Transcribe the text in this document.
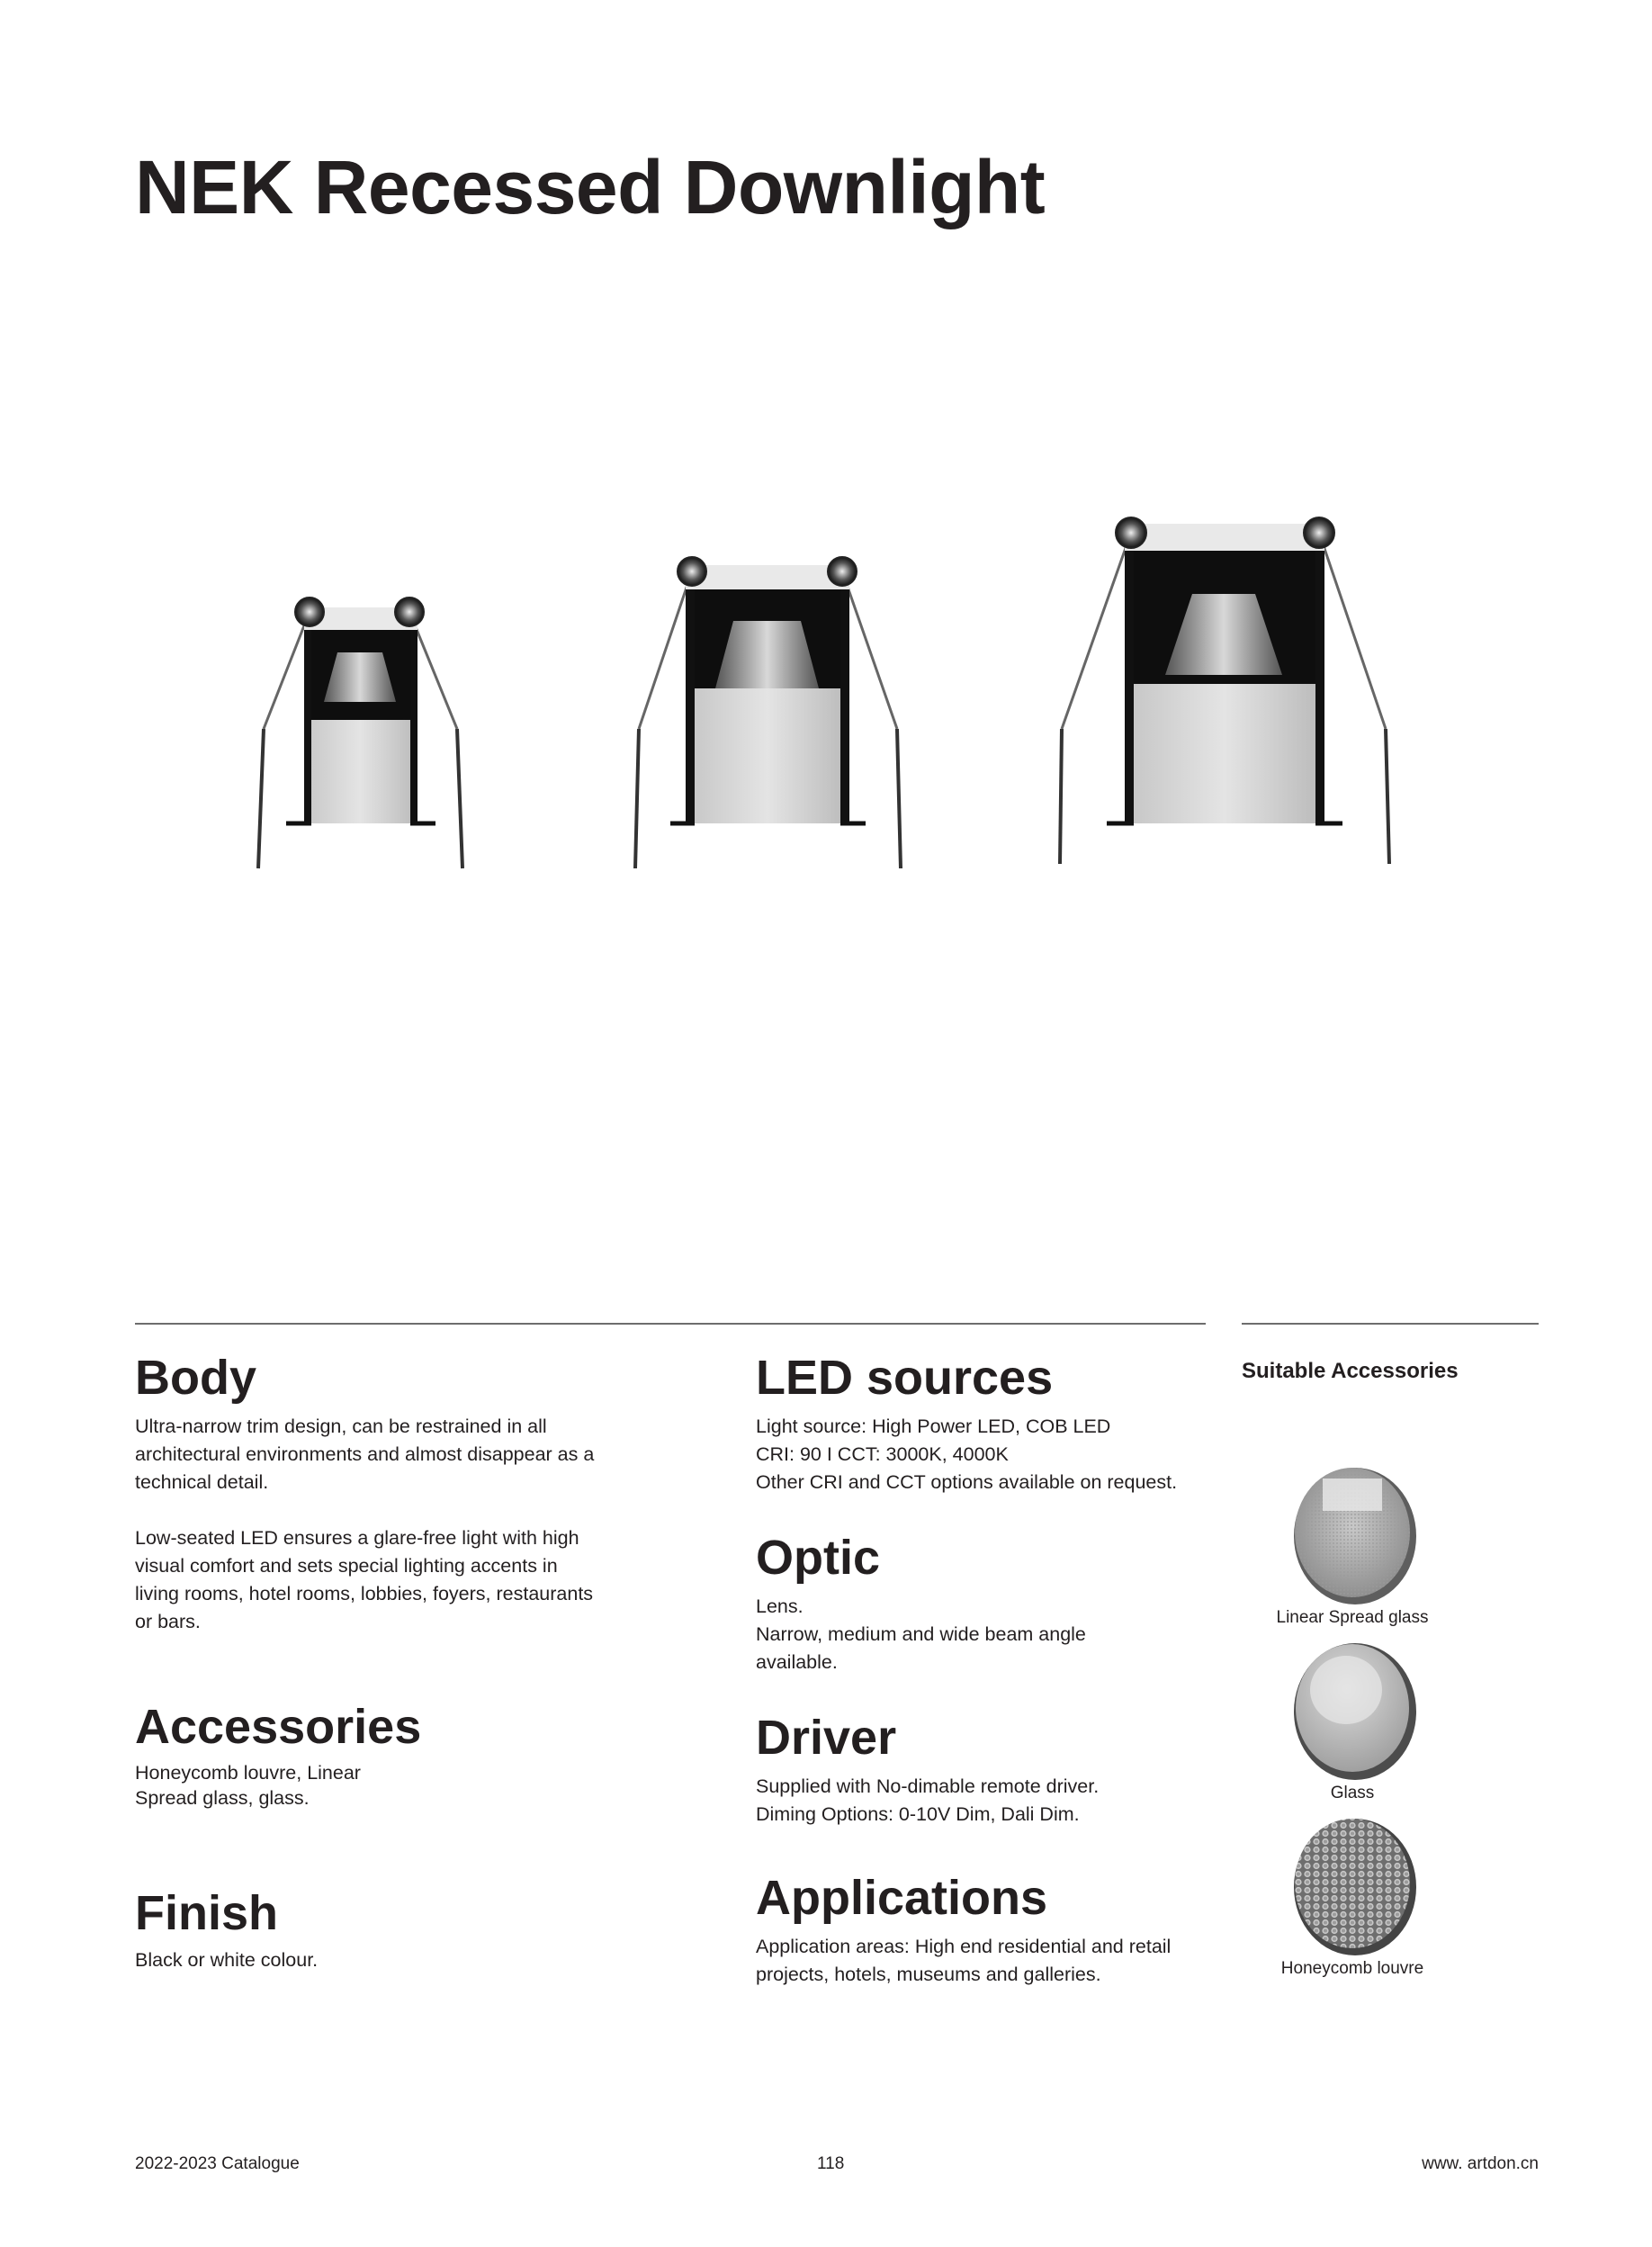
NEK Recessed Downlight
Body

Ultra-narrow trim design, can be restrained in all
architectural environments and almost disappear as a
technical detail.

Low-seated LED ensures a glare-free light with high
visual comfort and sets special lighting accents in
living rooms, hotel rooms, lobbies, foyers, restaurants
or bars.

Accessories

Honeycomb louvre, Linear
Spread glass, glass.

Finish

Black or white colour.

LED sources

Light source: High Power LED, COB LED
CRI: 90 I CCT: 3000K, 4000K
Other CRI and CCT options available on request.

Optic

Lens.
Narrow, medium and wide beam angle
available.

Driver

Supplied with No-dimable remote driver.
Diming Options: 0-10V Dim, Dali Dim.

Applications

Application areas: High end residential and retail
projects, hotels, museums and galleries.

Suitable Accessories
Linear Spread glass
Glass
Honeycomb louvre
2022-2023 Catalogue	118	www. artdon.cn
